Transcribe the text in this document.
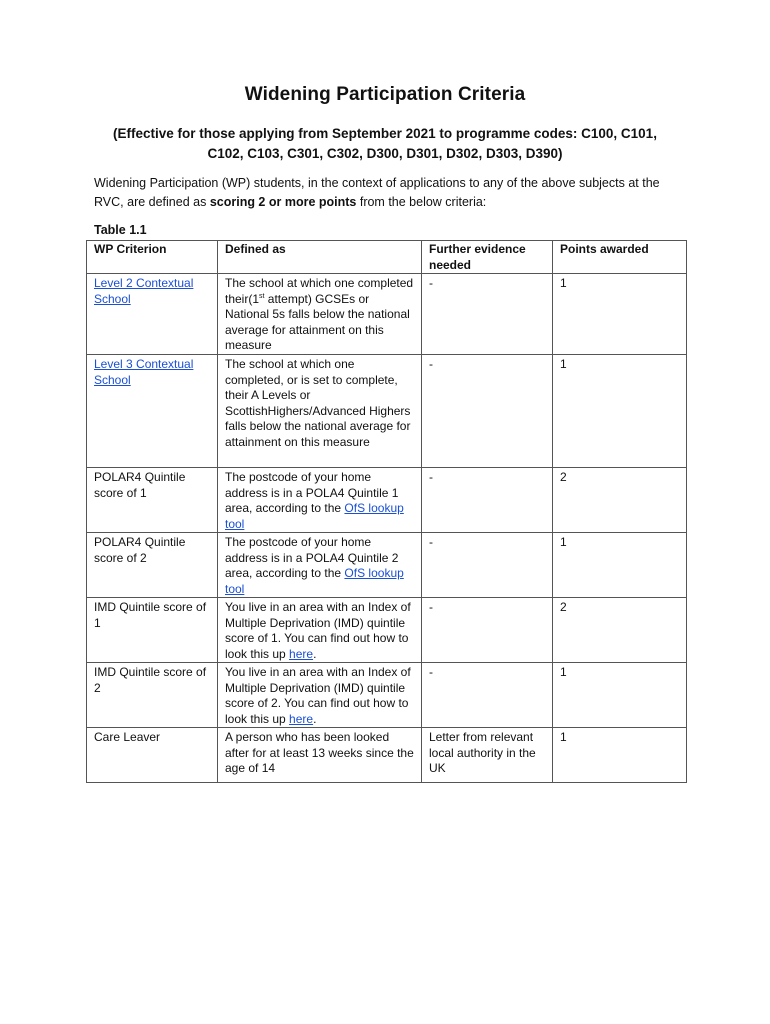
Widening Participation Criteria
(Effective for those applying from September 2021 to programme codes: C100, C101, C102, C103, C301, C302, D300, D301, D302, D303, D390)
Widening Participation (WP) students, in the context of applications to any of the above subjects at the RVC, are defined as scoring 2 or more points from the below criteria:
Table 1.1
WP Criterion	Defined as	Further evidence needed	Points awarded
Level 2 Contextual School	The school at which one completed their(1st attempt) GCSEs or National 5s falls below the national average for attainment on this measure	-	1
Level 3 Contextual School	The school at which one completed, or is set to complete, their A Levels or ScottishHighers/Advanced Highers falls below the national average for attainment on this measure	-	1
POLAR4 Quintile score of 1	The postcode of your home address is in a POLA4 Quintile 1 area, according to the OfS lookup tool	-	2
POLAR4 Quintile score of 2	The postcode of your home address is in a POLA4 Quintile 2 area, according to the OfS lookup tool	-	1
IMD Quintile score of 1	You live in an area with an Index of Multiple Deprivation (IMD) quintile score of 1. You can find out how to look this up here.	-	2
IMD Quintile score of 2	You live in an area with an Index of Multiple Deprivation (IMD) quintile score of 2. You can find out how to look this up here.	-	1
Care Leaver	A person who has been looked after for at least 13 weeks since the age of 14	Letter from relevant local authority in the UK	1
